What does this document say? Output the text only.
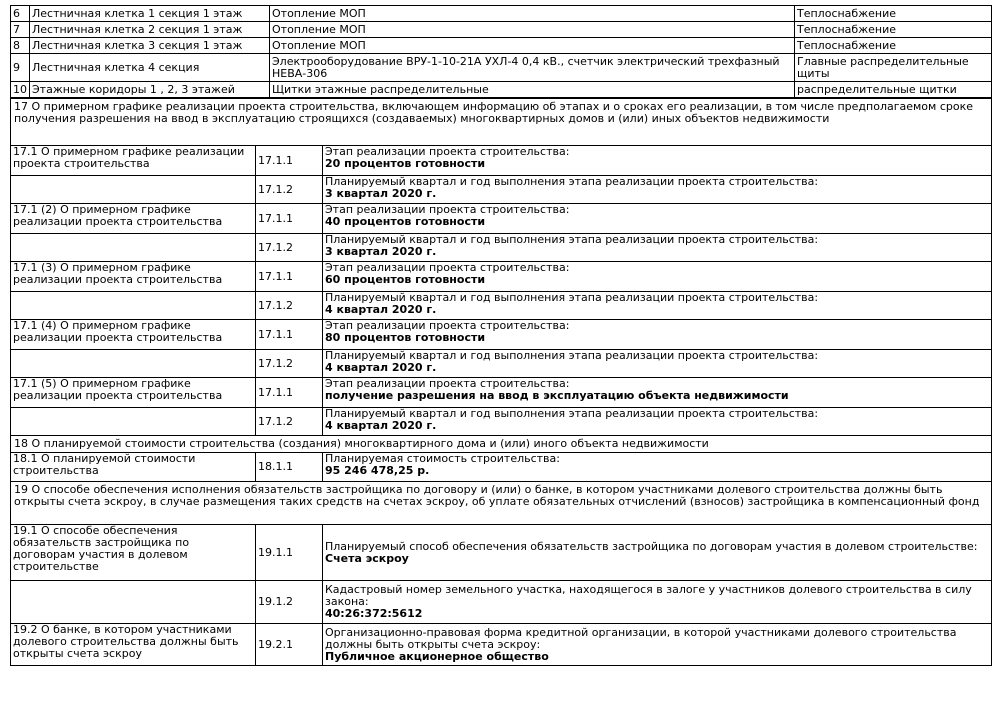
6	Лестничная клетка 1 секция 1 этаж	Отопление МОП	Теплоснабжение
7	Лестничная клетка 2 секция 1 этаж	Отопление МОП	Теплоснабжение
8	Лестничная клетка 3 секция 1 этаж	Отопление МОП	Теплоснабжение
9	Лестничная клетка 4 секция	Электрооборудование ВРУ-1-10-21А УХЛ-4 0,4 кВ., счетчик электрический трехфазный НЕВА-306	Главные распределительные щиты
10	Этажные коридоры 1 , 2, 3 этажей	Щитки этажные распределительные	распределительные щитки
17 О примерном графике реализации проекта строительства, включающем информацию об этапах и о сроках его реализации, в том числе предполагаемом сроке получения разрешения на ввод в эксплуатацию строящихся (создаваемых) многоквартирных домов и (или) иных объектов недвижимости		
17.1 О примерном графике реализации проекта строительства	17.1.1	Этап реализации проекта строительства:
20 процентов готовности

	17.1.2	Планируемый квартал и год выполнения этапа реализации проекта строительства:
3 квартал 2020 г.

17.1 (2) О примерном графике реализации проекта строительства	17.1.1	Этап реализации проекта строительства:
40 процентов готовности

	17.1.2	Планируемый квартал и год выполнения этапа реализации проекта строительства:
3 квартал 2020 г.

17.1 (3) О примерном графике реализации проекта строительства	17.1.1	Этап реализации проекта строительства:
60 процентов готовности

	17.1.2	Планируемый квартал и год выполнения этапа реализации проекта строительства:
4 квартал 2020 г.

17.1 (4) О примерном графике реализации проекта строительства	17.1.1	Этап реализации проекта строительства:
80 процентов готовности

	17.1.2	Планируемый квартал и год выполнения этапа реализации проекта строительства:
4 квартал 2020 г.

17.1 (5) О примерном графике реализации проекта строительства	17.1.1	Этап реализации проекта строительства:
получение разрешения на ввод в эксплуатацию объекта недвижимости

	17.1.2	Планируемый квартал и год выполнения этапа реализации проекта строительства:
4 квартал 2020 г.

18 О планируемой стоимости строительства (создания) многоквартирного дома и (или) иного объекта недвижимости		
18.1 О планируемой стоимости строительства	18.1.1	Планируемая стоимость строительства:
95 246 478,25 р.

19 О способе обеспечения исполнения обязательств застройщика по договору и (или) о банке, в котором участниками долевого строительства должны быть открыты счета эскроу, в случае размещения таких средств на счетах эскроу, об уплате обязательных отчислений (взносов) застройщика в компенсационный фонд		
19.1 О способе обеспечения обязательств застройщика по договорам участия в долевом строительстве	19.1.1	Планируемый способ обеспечения обязательств застройщика по договорам участия в долевом строительстве:
Счета эскроу

	19.1.2	Кадастровый номер земельного участка, находящегося в залоге у участников долевого строительства в силу закона:
40:26:372:5612

19.2 О банке, в котором участниками долевого строительства должны быть открыты счета эскроу	19.2.1	Организационно-правовая форма кредитной организации, в которой участниками долевого строительства должны быть открыты счета эскроу:
Публичное акционерное общество
